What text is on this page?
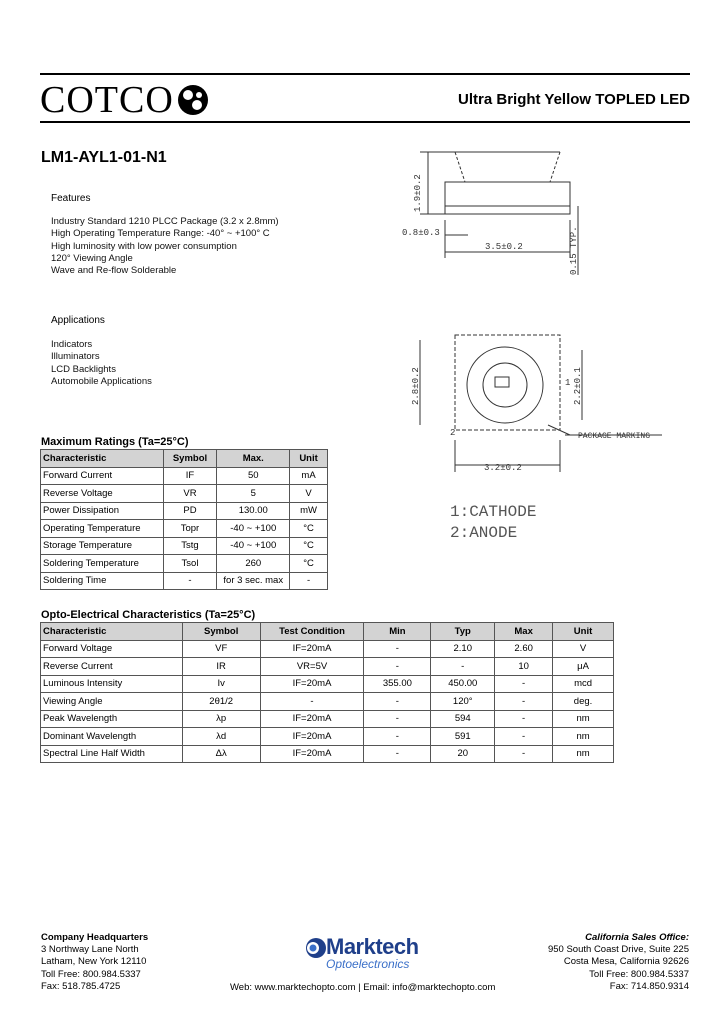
COTCO	Ultra Bright Yellow TOPLED LED
LM1-AYL1-01-N1
Features
Industry Standard 1210 PLCC Package (3.2 x 2.8mm)
High Operating Temperature Range: -40° ~ +100° C
High luminosity with low power consumption
120° Viewing Angle
Wave and Re-flow Solderable
Applications
Indicators
Illuminators
LCD Backlights
Automobile Applications
1.9±0.2
0.8±0.3
3.5±0.2	0.15 TYP.
1
2
2.8±0.2	2.2±0.1
3.2±0.2
PACKAGE MARKING
1:CATHODE
2:ANODE
Maximum Ratings (Ta=25°C)
Characteristic	Symbol	Max.	Unit
Forward Current	IF	50	mA
Reverse Voltage	VR	5	V
Power Dissipation	PD	130.00	mW
Operating Temperature	Topr	-40 ~ +100	°C
Storage Temperature	Tstg	-40 ~ +100	°C
Soldering Temperature	Tsol	260	°C
Soldering Time	-	for 3 sec. max	-
Opto-Electrical Characteristics (Ta=25°C)
Characteristic	Symbol	Test Condition	Min	Typ	Max	Unit
Forward Voltage	VF	IF=20mA	-	2.10	2.60	V
Reverse Current	IR	VR=5V	-	-	10	μA
Luminous Intensity	Iv	IF=20mA	355.00	450.00	-	mcd
Viewing Angle	2θ1/2	-	-	120°	-	deg.
Peak Wavelength	λp	IF=20mA	-	594	-	nm
Dominant Wavelength	λd	IF=20mA	-	591	-	nm
Spectral Line Half Width	Δλ	IF=20mA	-	20	-	nm
Company Headquarters
3 Northway Lane North
Latham, New York 12110
Toll Free: 800.984.5337
Fax: 518.785.4725
Marktech
Optoelectronics
Web: www.marktechopto.com | Email: info@marktechopto.com
California Sales Office:
950 South Coast Drive, Suite 225
Costa Mesa, California 92626
Toll Free: 800.984.5337
Fax: 714.850.9314
